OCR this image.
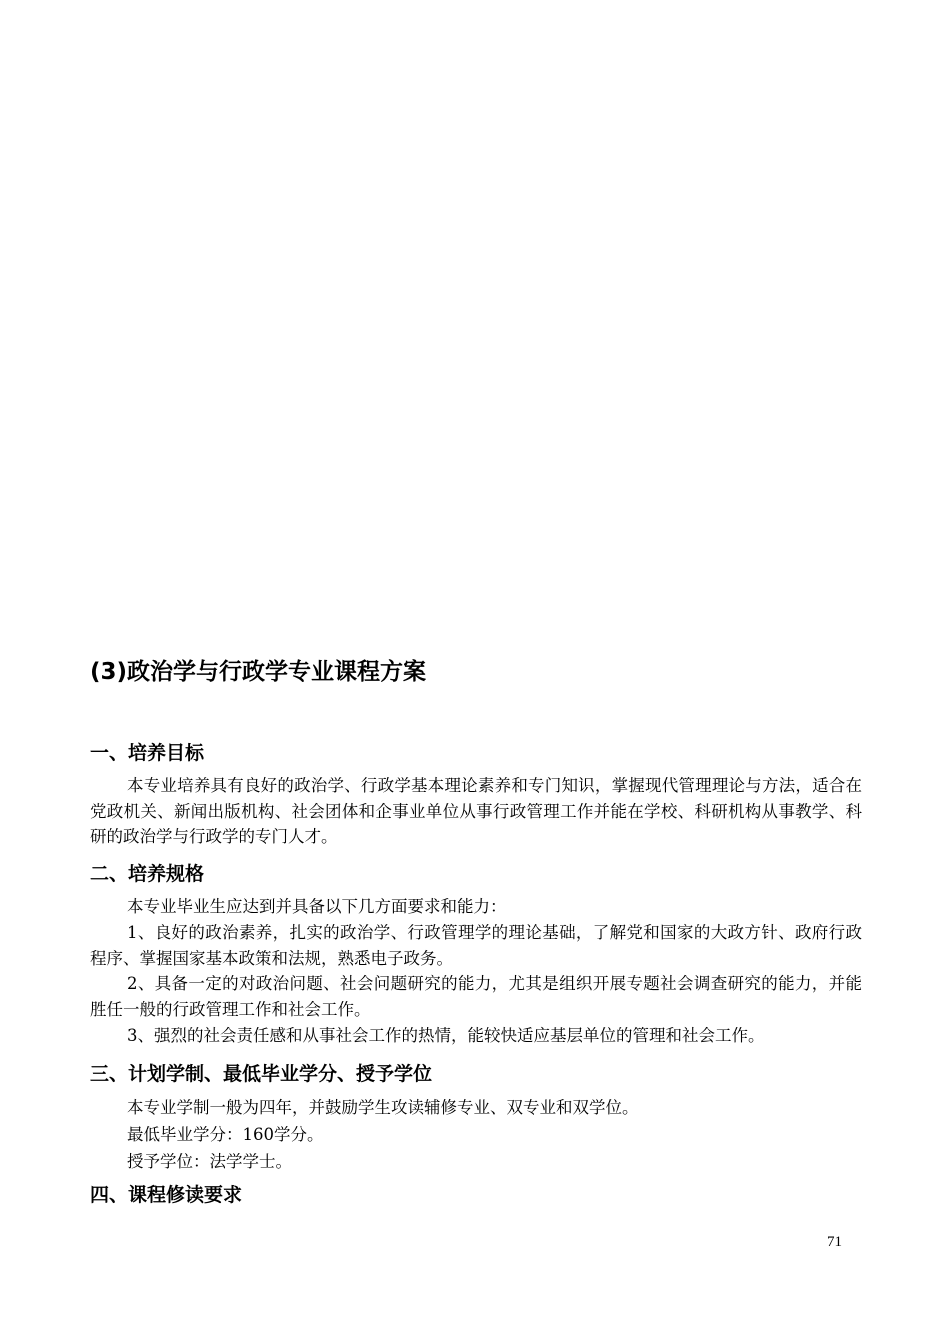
(3)政治学与行政学专业课程方案
一、培养目标

本专业培养具有良好的政治学、行政学基本理论素养和专门知识，掌握现代管理理论与方法，适合在党政机关、新闻出版机构、社会团体和企事业单位从事行政管理工作并能在学校、科研机构从事教学、科研的政治学与行政学的专门人才。

二、培养规格

本专业毕业生应达到并具备以下几方面要求和能力：

1、良好的政治素养，扎实的政治学、行政管理学的理论基础，了解党和国家的大政方针、政府行政程序、掌握国家基本政策和法规，熟悉电子政务。

2、具备一定的对政治问题、社会问题研究的能力，尤其是组织开展专题社会调查研究的能力，并能胜任一般的行政管理工作和社会工作。

3、强烈的社会责任感和从事社会工作的热情，能较快适应基层单位的管理和社会工作。

三、计划学制、最低毕业学分、授予学位

本专业学制一般为四年，并鼓励学生攻读辅修专业、双专业和双学位。

最低毕业学分：160学分。

授予学位：法学学士。

四、课程修读要求
71
